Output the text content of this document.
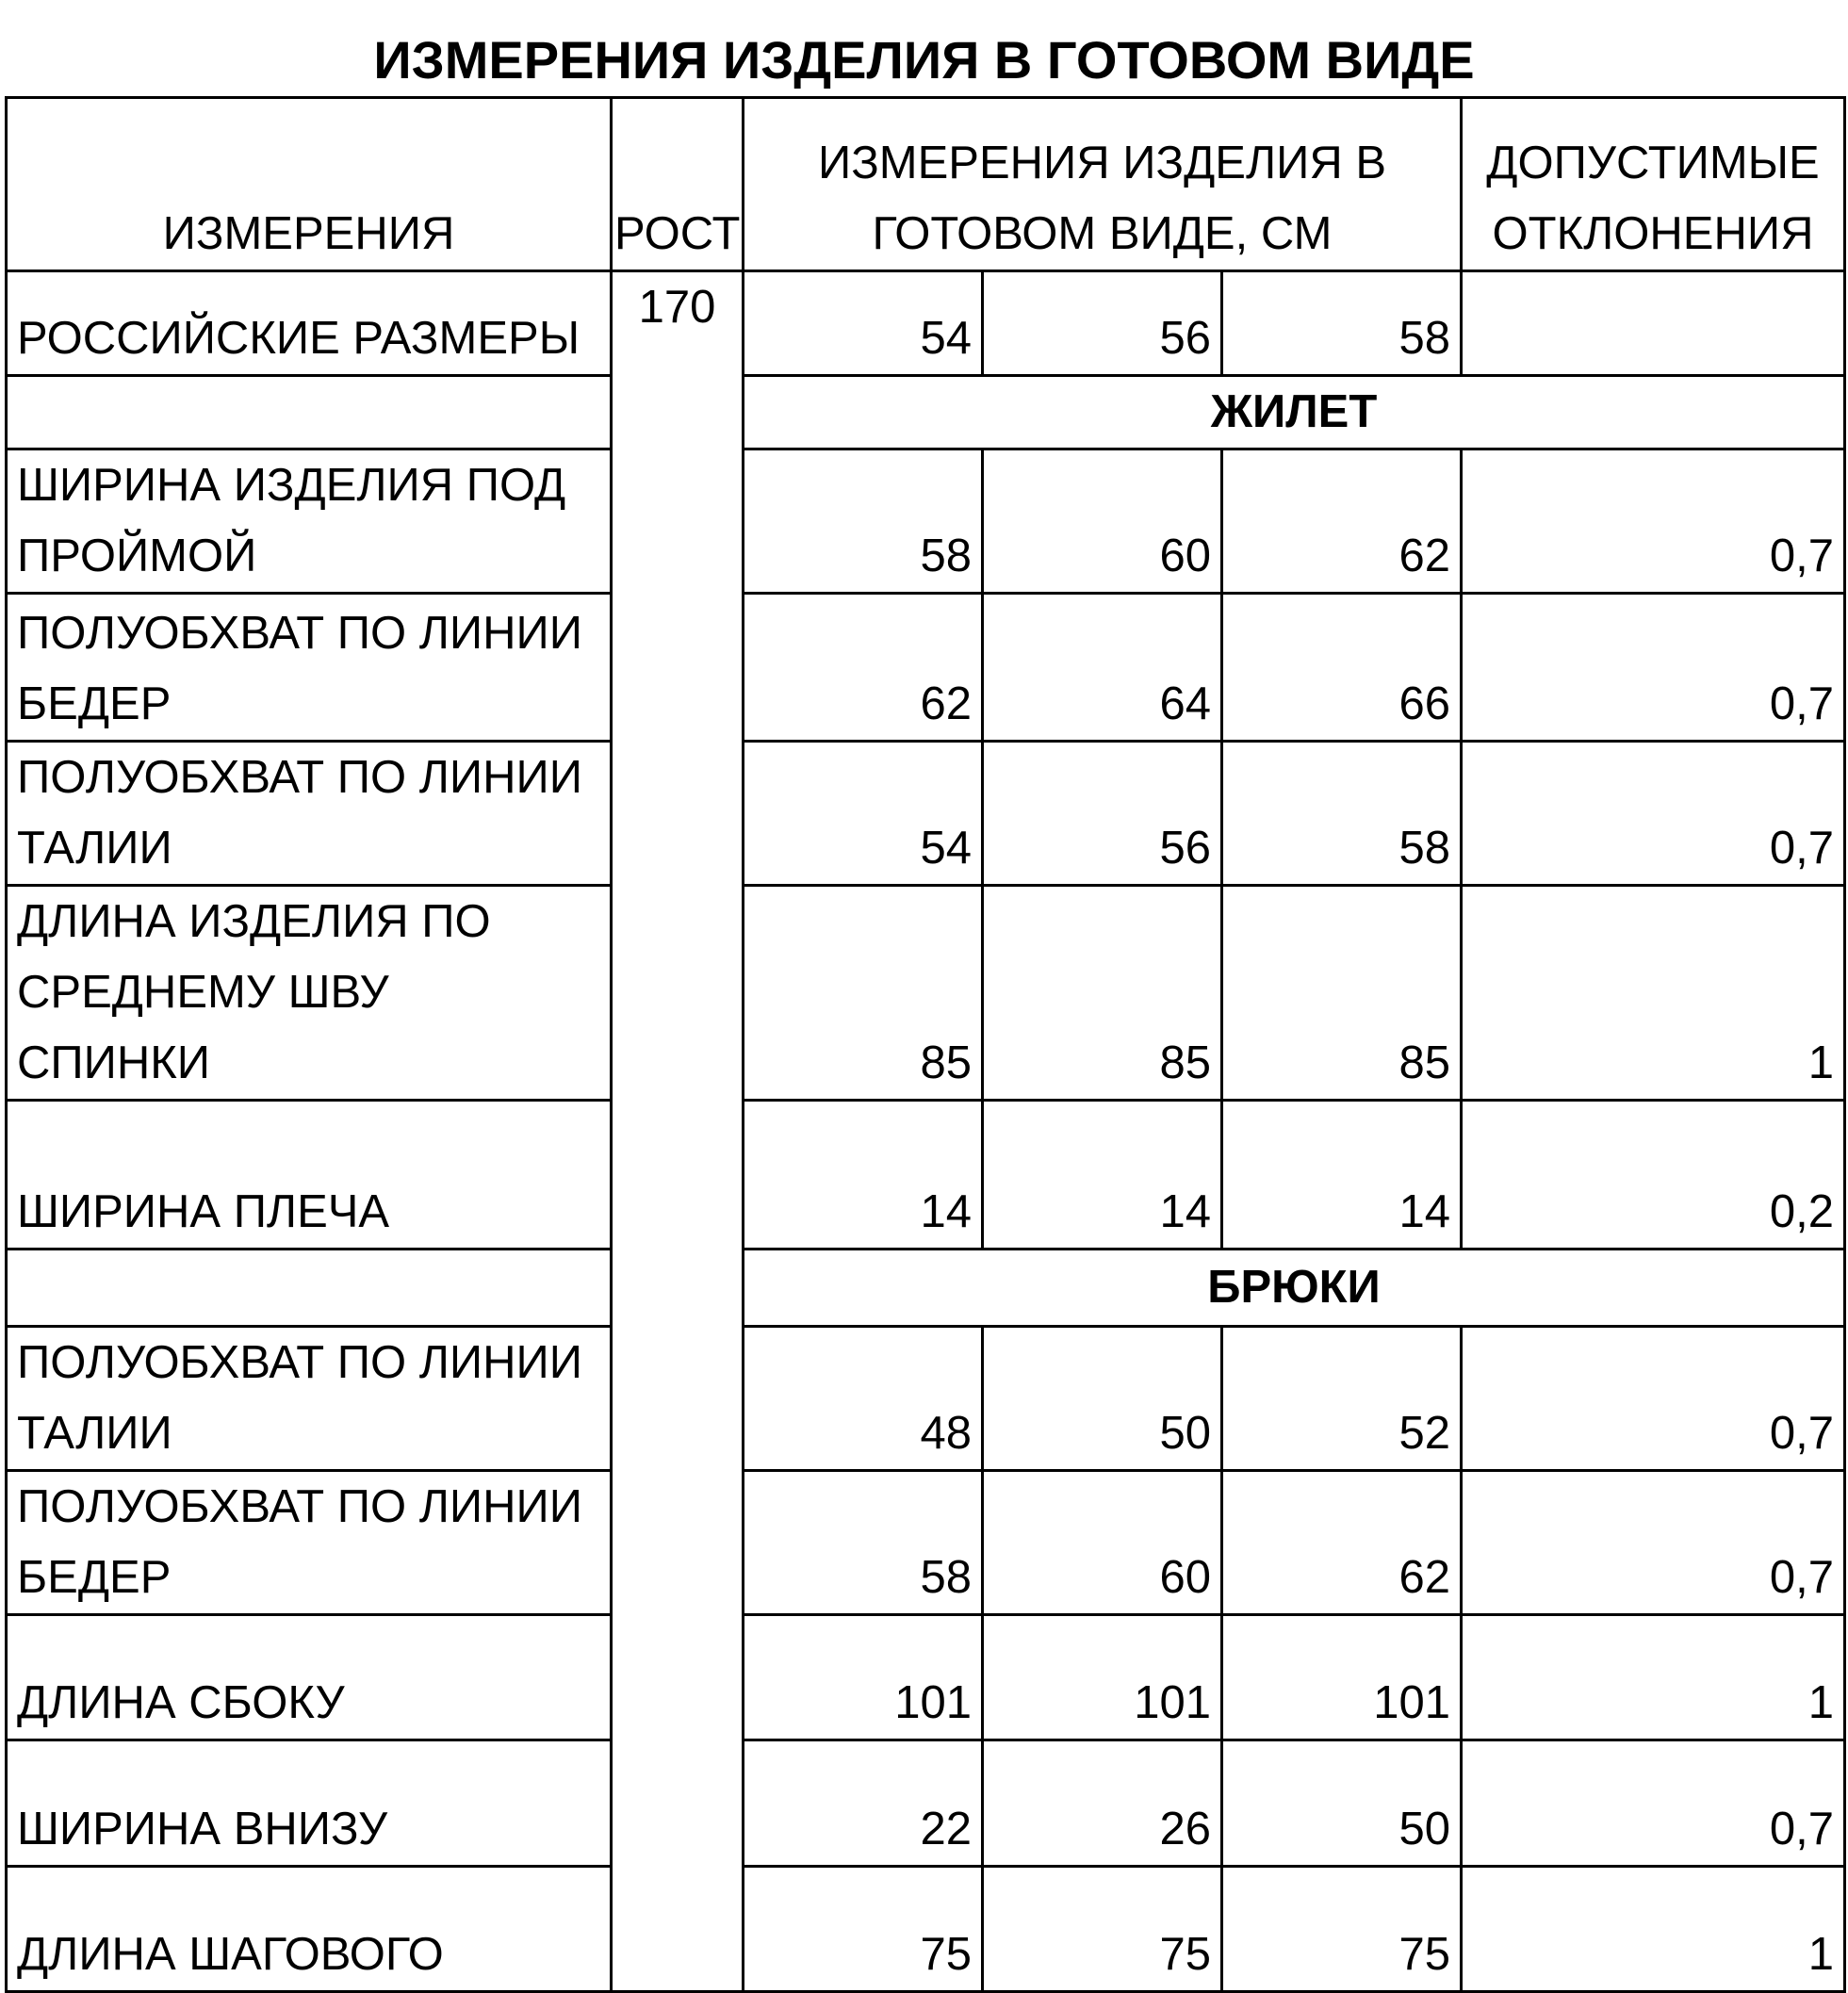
ИЗМЕРЕНИЯ ИЗДЕЛИЯ В ГОТОВОМ ВИДЕ
ИЗМЕРЕНИЯ	РОСТ	ИЗМЕРЕНИЯ ИЗДЕЛИЯ В ГОТОВОМ ВИДЕ, СМ			ДОПУСТИМЫЕ ОТКЛОНЕНИЯ

РОССИЙСКИЕ РАЗМЕРЫ	170	54	56	58	
		ЖИЛЕТ			

ШИРИНА ИЗДЕЛИЯ ПОД ПРОЙМОЙ		58	60	62	0,7

ПОЛУОБХВАТ ПО ЛИНИИ БЕДЕР		62	64	66	0,7

ПОЛУОБХВАТ ПО ЛИНИИ ТАЛИИ		54	56	58	0,7

ДЛИНА ИЗДЕЛИЯ ПО СРЕДНЕМУ ШВУ СПИНКИ		85	85	85	1
ШИРИНА ПЛЕЧА		14	14	14	0,2
		БРЮКИ			

ПОЛУОБХВАТ ПО ЛИНИИ ТАЛИИ		48	50	52	0,7

ПОЛУОБХВАТ ПО ЛИНИИ БЕДЕР		58	60	62	0,7
ДЛИНА СБОКУ		101	101	101	1
ШИРИНА ВНИЗУ		22	26	50	0,7
ДЛИНА ШАГОВОГО		75	75	75	1
